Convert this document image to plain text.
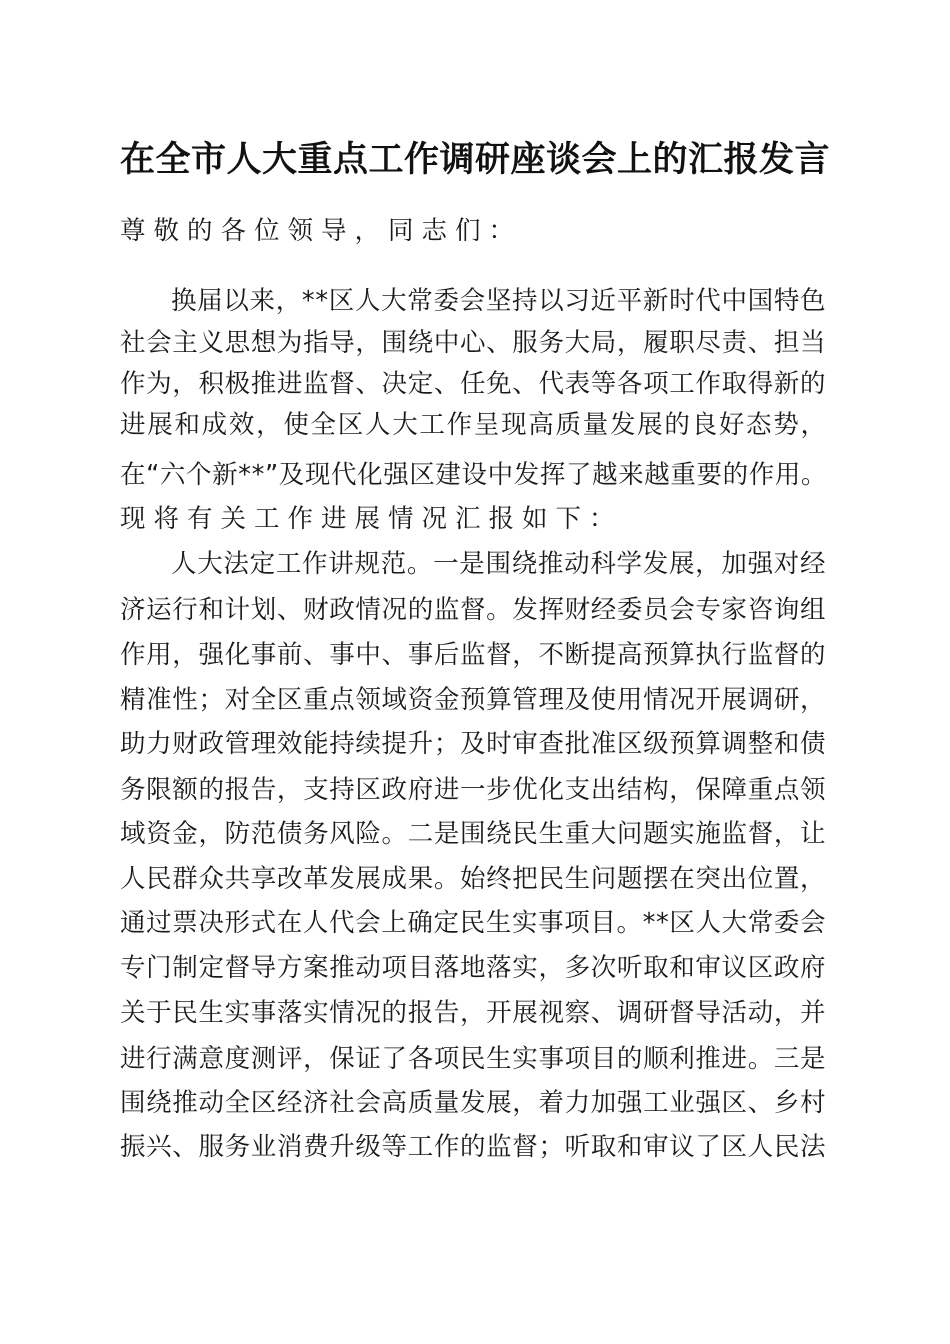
在全市人大重点工作调研座谈会上的汇报发言

尊敬的各位领导，同志们：

换届以来，**区人大常委会坚持以习近平新时代中国特色

社会主义思想为指导，围绕中心、服务大局，履职尽责、担当

作为，积极推进监督、决定、任免、代表等各项工作取得新的

进展和成效，使全区人大工作呈现高质量发展的良好态势，

在“六个新**”及现代化强区建设中发挥了越来越重要的作用。

现将有关工作进展情况汇报如下：

人大法定工作讲规范。一是围绕推动科学发展，加强对经

济运行和计划、财政情况的监督。发挥财经委员会专家咨询组

作用，强化事前、事中、事后监督，不断提高预算执行监督的

精准性；对全区重点领域资金预算管理及使用情况开展调研，

助力财政管理效能持续提升；及时审查批准区级预算调整和债

务限额的报告，支持区政府进一步优化支出结构，保障重点领

域资金，防范债务风险。二是围绕民生重大问题实施监督，让

人民群众共享改革发展成果。始终把民生问题摆在突出位置，

通过票决形式在人代会上确定民生实事项目。**区人大常委会

专门制定督导方案推动项目落地落实，多次听取和审议区政府

关于民生实事落实情况的报告，开展视察、调研督导活动，并

进行满意度测评，保证了各项民生实事项目的顺利推进。三是

围绕推动全区经济社会高质量发展，着力加强工业强区、乡村

振兴、服务业消费升级等工作的监督；听取和审议了区人民法
